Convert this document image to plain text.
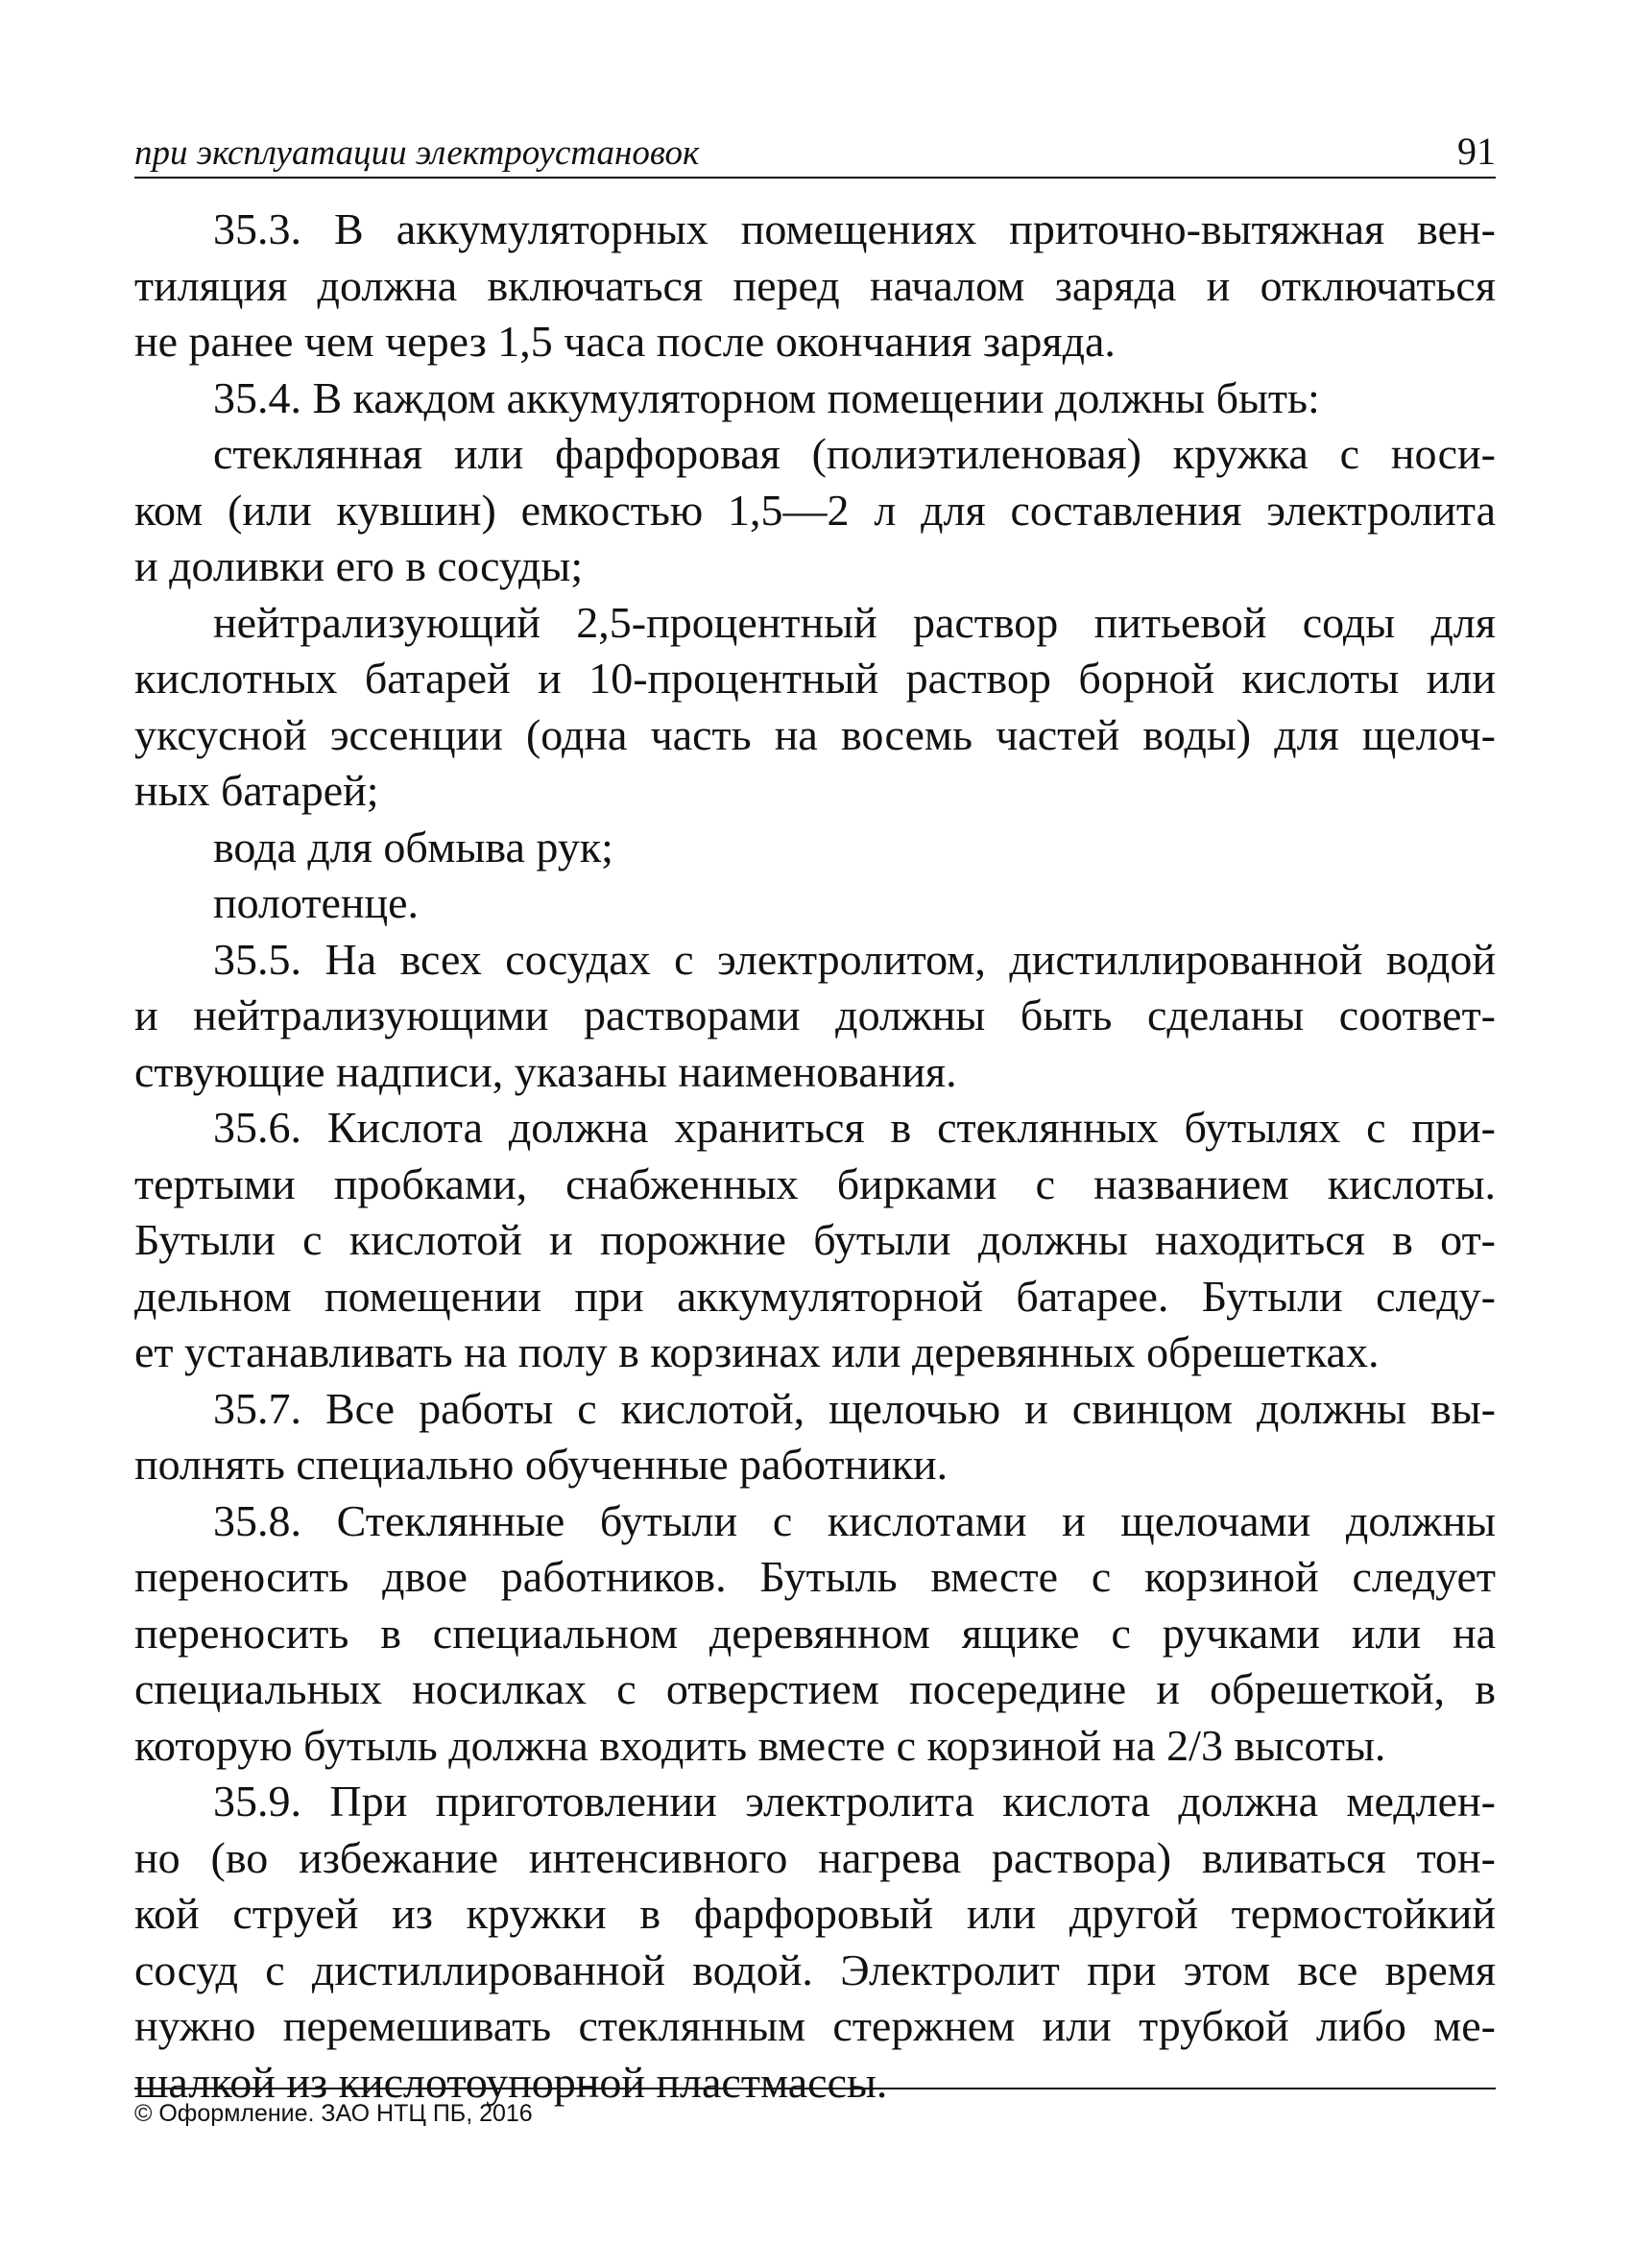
при эксплуатации электроустановок	91
35.3. В аккумуляторных помещениях приточно-вытяжная вен-
тиляция должна включаться перед началом заряда и отключаться
не ранее чем через 1,5 часа после окончания заряда.
35.4. В каждом аккумуляторном помещении должны быть:
стеклянная или фарфоровая (полиэтиленовая) кружка с носи-
ком (или кувшин) емкостью 1,5—2 л для составления электролита
и доливки его в сосуды;
нейтрализующий 2,5-процентный раствор питьевой соды для
кислотных батарей и 10-процентный раствор борной кислоты или
уксусной эссенции (одна часть на восемь частей воды) для щелоч-
ных батарей;
вода для обмыва рук;
полотенце.
35.5. На всех сосудах с электролитом, дистиллированной водой
и нейтрализующими растворами должны быть сделаны соответ-
ствующие надписи, указаны наименования.
35.6. Кислота должна храниться в стеклянных бутылях с при-
тертыми пробками, снабженных бирками с названием кислоты.
Бутыли с кислотой и порожние бутыли должны находиться в от-
дельном помещении при аккумуляторной батарее. Бутыли следу-
ет устанавливать на полу в корзинах или деревянных обрешетках.
35.7. Все работы с кислотой, щелочью и свинцом должны вы-
полнять специально обученные работники.
35.8. Стеклянные бутыли с кислотами и щелочами должны
переносить двое работников. Бутыль вместе с корзиной следует
переносить в специальном деревянном ящике с ручками или на
специальных носилках с отверстием посередине и обрешеткой, в
которую бутыль должна входить вместе с корзиной на 2/3 высоты.
35.9. При приготовлении электролита кислота должна медлен-
но (во избежание интенсивного нагрева раствора) вливаться тон-
кой струей из кружки в фарфоровый или другой термостойкий
сосуд с дистиллированной водой. Электролит при этом все время
нужно перемешивать стеклянным стержнем или трубкой либо ме-
шалкой из кислотоупорной пластмассы.
© Оформление. ЗАО НТЦ ПБ, 2016
